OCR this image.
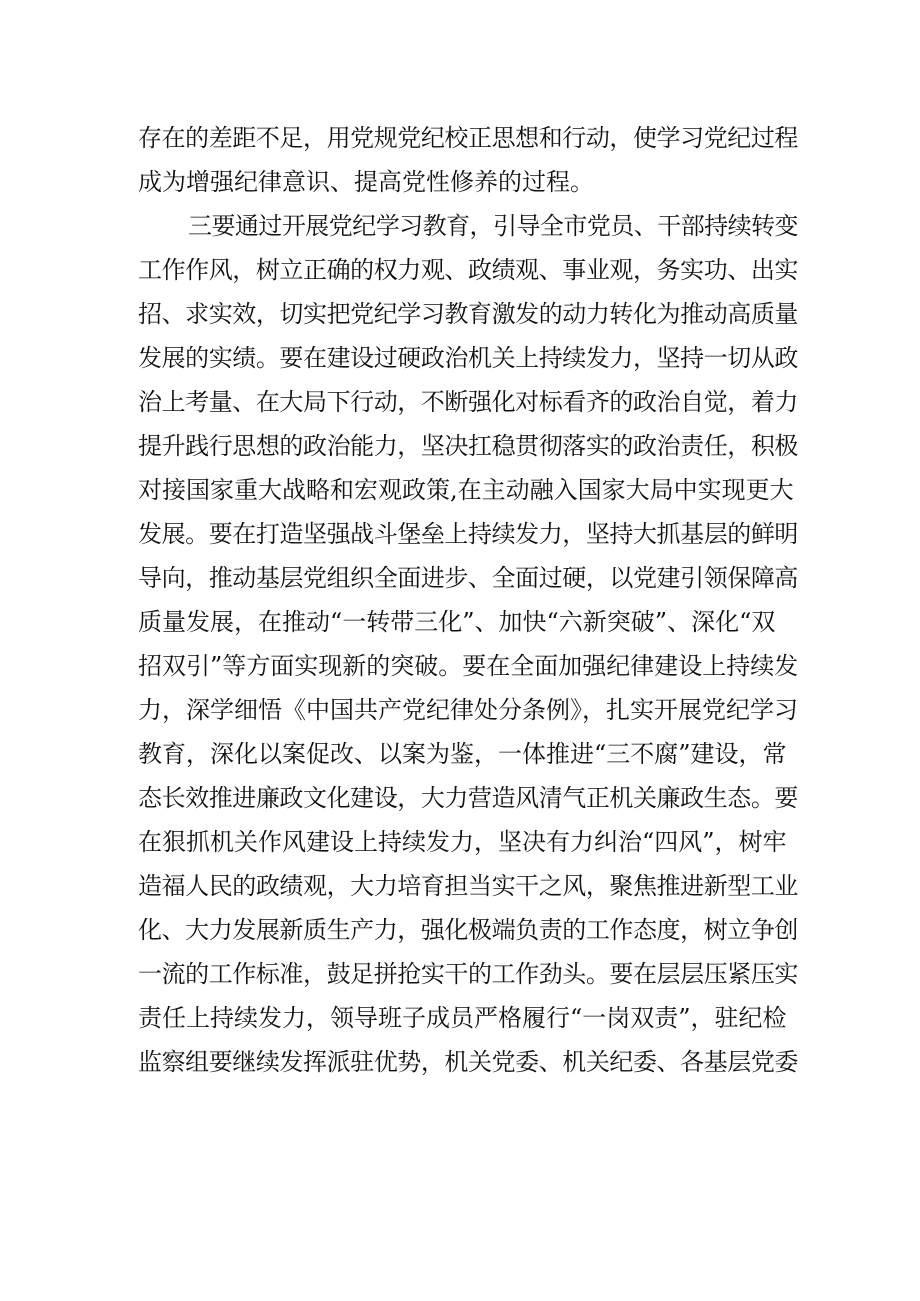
存在的差距不足，用党规党纪校正思想和行动，使学习党纪过程

成为增强纪律意识、提高党性修养的过程。

三要通过开展党纪学习教育，引导全市党员、干部持续转变

工作作风，树立正确的权力观、政绩观、事业观，务实功、出实

招、求实效，切实把党纪学习教育激发的动力转化为推动高质量

发展的实绩。要在建设过硬政治机关上持续发力，坚持一切从政

治上考量、在大局下行动，不断强化对标看齐的政治自觉，着力

提升践行思想的政治能力，坚决扛稳贯彻落实的政治责任，积极

对接国家重大战略和宏观政策,在主动融入国家大局中实现更大

发展。要在打造坚强战斗堡垒上持续发力，坚持大抓基层的鲜明

导向，推动基层党组织全面进步、全面过硬，以党建引领保障高

质量发展，在推动“一转带三化”、加快“六新突破”、深化“双

招双引”等方面实现新的突破。要在全面加强纪律建设上持续发

力，深学细悟《中国共产党纪律处分条例》，扎实开展党纪学习

教育，深化以案促改、以案为鉴，一体推进“三不腐”建设，常

态长效推进廉政文化建设，大力营造风清气正机关廉政生态。要

在狠抓机关作风建设上持续发力，坚决有力纠治“四风”，树牢

造福人民的政绩观，大力培育担当实干之风，聚焦推进新型工业

化、大力发展新质生产力，强化极端负责的工作态度，树立争创

一流的工作标准，鼓足拼抢实干的工作劲头。要在层层压紧压实

责任上持续发力，领导班子成员严格履行“一岗双责”，驻纪检

监察组要继续发挥派驻优势，机关党委、机关纪委、各基层党委
